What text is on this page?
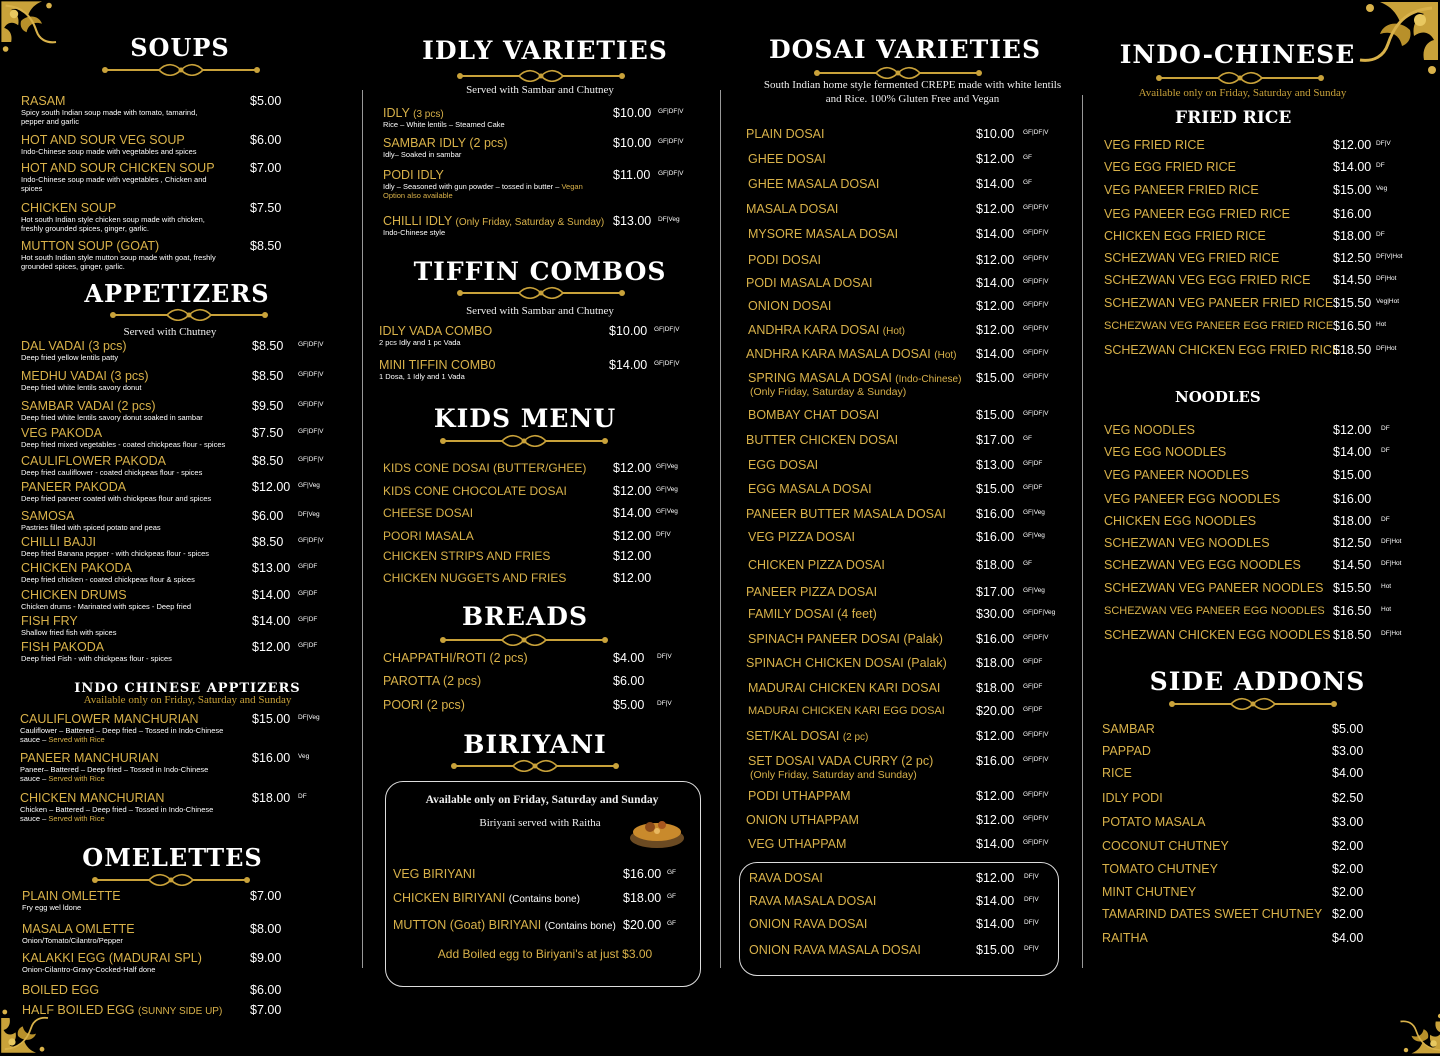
SOUPS
RASAM
Spicy south Indian soup made with tomato, tamarind, pepper and garlic
$5.00
HOT AND SOUR VEG SOUP
Indo-Chinese soup made with vegetables and spices
$6.00
HOT AND SOUR CHICKEN SOUP
Indo-Chinese soup made with vegetables , Chicken and spices
$7.00
CHICKEN SOUP
Hot south Indian style chicken soup made with chicken, freshly grounded spices, ginger, garlic.
$7.50
MUTTON SOUP (GOAT)
Hot south Indian style mutton soup made with goat, freshly grounded spices, ginger, garlic.
$8.50
APPETIZERS
Served with Chutney
DAL VADAI (3 pcs)
Deep fried yellow lentils patty
$8.50 GF|DF|V
MEDHU VADAI (3 pcs)
Deep fried white lentils savory donut
$8.50 GF|DF|V
SAMBAR VADAI (2 pcs)
Deep fried white lentils savory donut soaked in sambar
$9.50 GF|DF|V
VEG PAKODA
Deep fried mixed vegetables - coated chickpeas flour - spices
$7.50 GF|DF|V
CAULIFLOWER PAKODA
Deep fried cauliflower - coated chickpeas flour - spices
$8.50 GF|DF|V
PANEER PAKODA
Deep fried paneer coated with chickpeas flour and spices
$12.00 GF|Veg
SAMOSA
Pastries filled with spiced potato and peas
$6.00 DF|Veg
CHILLI BAJJI
Deep fried Banana pepper - with chickpeas flour - spices
$8.50 GF|DF|V
CHICKEN PAKODA
Deep fried chicken - coated chickpeas flour & spices
$13.00 GF|DF
CHICKEN DRUMS
Chicken drums - Marinated with spices - Deep fried
$14.00 GF|DF
FISH FRY
Shallow fried fish with spices
$14.00 GF|DF
FISH PAKODA
Deep fried Fish - with chickpeas flour - spices
$12.00 GF|DF
INDO CHINESE APPTIZERS
Available only on Friday, Saturday and Sunday
CAULIFLOWER MANCHURIAN
Cauliflower – Battered – Deep fried – Tossed in Indo-Chinese sauce – Served with Rice
$15.00 DF|Veg
PANEER MANCHURIAN
Paneer– Battered – Deep fried – Tossed in Indo-Chinese sauce – Served with Rice
$16.00 Veg
CHICKEN MANCHURIAN
Chicken – Battered – Deep fried – Tossed in Indo-Chinese sauce – Served with Rice
$18.00 DF
OMELETTES
PLAIN OMLETTE
Fry egg wel ldone
$7.00
MASALA OMLETTE
Onion/Tomato/Cilantro/Pepper
$8.00
KALAKKI EGG (MADURAI SPL)
Onion-Cilantro-Gravy-Cocked-Half done
$9.00
BOILED EGG	$6.00
HALF BOILED EGG (SUNNY SIDE UP) $7.00
IDLY VARIETIES
Served with Sambar and Chutney
IDLY (3 pcs)
Rice – White lentils – Steamed Cake
$10.00 GF|DF|V
SAMBAR IDLY (2 pcs)
Idly– Soaked in sambar
$10.00 GF|DF|V
PODI IDLY
Idly – Seasoned with gun powder – tossed in butter – Vegan Option also available
$11.00 GF|DF|V
CHILLI IDLY (Only Friday, Saturday & Sunday)
Indo-Chinese style
$13.00 DF|Veg
TIFFIN COMBOS
Served with Sambar and Chutney
IDLY VADA COMBO
2 pcs Idly and 1 pc Vada
$10.00 GF|DF|V
MINI TIFFIN COMB0
1 Dosa, 1 Idly and 1 Vada
$14.00 GF|DF|V
KIDS MENU
KIDS CONE DOSAI (BUTTER/GHEE) $12.00 GF|Veg
KIDS CONE CHOCOLATE DOSAI	$12.00 GF|Veg
CHEESE DOSAI	$14.00 GF|Veg
POORI MASALA	$12.00 DF|V
CHICKEN STRIPS AND FRIES	$12.00
CHICKEN NUGGETS AND FRIES	$12.00
BREADS
CHAPPATHI/ROTI (2 pcs)	$4.00 DF|V
PAROTTA (2 pcs)	$6.00
POORI (2 pcs)	$5.00 DF|V
BIRIYANI
Available only on Friday, Saturday and Sunday
Biriyani served with Raitha
VEG BIRIYANI	$16.00 GF
CHICKEN BIRIYANI (Contains bone)	$18.00 GF
MUTTON (Goat) BIRIYANI (Contains bone) $20.00 GF
Add Boiled egg to Biriyani's at just $3.00
DOSAI VARIETIES
South Indian home style fermented CREPE made with white lentils and Rice. 100% Gluten Free and Vegan
PLAIN DOSAI	$10.00 GF|DF|V
GHEE DOSAI	$12.00 GF
GHEE MASALA DOSAI	$14.00 GF
MASALA DOSAI	$12.00 GF|DF|V
MYSORE MASALA DOSAI	$14.00 GF|DF|V
PODI DOSAI	$12.00 GF|DF|V
PODI MASALA DOSAI	$14.00 GF|DF|V
ONION DOSAI	$12.00 GF|DF|V
ANDHRA KARA DOSAI (Hot)	$12.00 GF|DF|V
ANDHRA KARA MASALA DOSAI (Hot) $14.00 GF|DF|V
SPRING MASALA DOSAI (Indo-Chinese)
(Only Friday, Saturday & Sunday)
$15.00 GF|DF|V
BOMBAY CHAT DOSAI	$15.00 GF|DF|V
BUTTER CHICKEN DOSAI	$17.00 GF
EGG DOSAI	$13.00 GF|DF
EGG MASALA DOSAI	$15.00 GF|DF
PANEER BUTTER MASALA DOSAI $16.00 GF|Veg
VEG PIZZA DOSAI	$16.00 GF|Veg
CHICKEN PIZZA DOSAI	$18.00 GF
PANEER PIZZA DOSAI	$17.00 GF|Veg
FAMILY DOSAI (4 feet)	$30.00 GF|DF|Veg
SPINACH PANEER DOSAI (Palak)	$16.00 GF|DF|V
SPINACH CHICKEN DOSAI (Palak) $18.00 GF|DF
MADURAI CHICKEN KARI DOSAI	$18.00 GF|DF
MADURAI CHICKEN KARI EGG DOSAI $20.00 GF|DF
SET/KAL DOSAI (2 pc)	$12.00 GF|DF|V
SET DOSAI VADA CURRY (2 pc)
(Only Friday, Saturday and Sunday)
$16.00 GF|DF|V
PODI UTHAPPAM	$12.00 GF|DF|V
ONION UTHAPPAM	$12.00 GF|DF|V
VEG UTHAPPAM	$14.00 GF|DF|V
RAVA DOSAI	$12.00 DF|V
RAVA MASALA DOSAI	$14.00 DF|V
ONION RAVA DOSAI	$14.00 DF|V
ONION RAVA MASALA DOSAI	$15.00 DF|V
INDO-CHINESE
Available only on Friday, Saturday and Sunday
FRIED RICE
VEG FRIED RICE	$12.00 DF|V
VEG EGG FRIED RICE	$14.00 DF
VEG PANEER FRIED RICE	$15.00 Veg
VEG PANEER EGG FRIED RICE	$16.00
CHICKEN EGG FRIED RICE	$18.00 DF
SCHEZWAN VEG FRIED RICE	$12.50 DF|V|Hot
SCHEZWAN VEG EGG FRIED RICE $14.50 DF|Hot
SCHEZWAN VEG PANEER FRIED RICE $15.50 Veg|Hot
SCHEZWAN VEG PANEER EGG FRIED RICE $16.50 Hot
SCHEZWAN CHICKEN EGG FRIED RICE
$18.50 DF|Hot
NOODLES
VEG NOODLES	$12.00 DF
VEG EGG NOODLES	$14.00 DF
VEG PANEER NOODLES	$15.00
VEG PANEER EGG NOODLES	$16.00
CHICKEN EGG NOODLES	$18.00 DF
SCHEZWAN VEG NOODLES	$12.50 DF|Hot
SCHEZWAN VEG EGG NOODLES	$14.50 DF|Hot
SCHEZWAN VEG PANEER NOODLES $15.50 Hot
SCHEZWAN VEG PANEER EGG NOODLES $16.50 Hot
SCHEZWAN CHICKEN EGG NOODLES $18.50 DF|Hot
SIDE ADDONS
SAMBAR	$5.00
PAPPAD	$3.00
RICE	$4.00
IDLY PODI	$2.50
POTATO MASALA	$3.00
COCONUT CHUTNEY	$2.00
TOMATO CHUTNEY	$2.00
MINT CHUTNEY	$2.00
TAMARIND DATES SWEET CHUTNEY $2.00
RAITHA	$4.00
